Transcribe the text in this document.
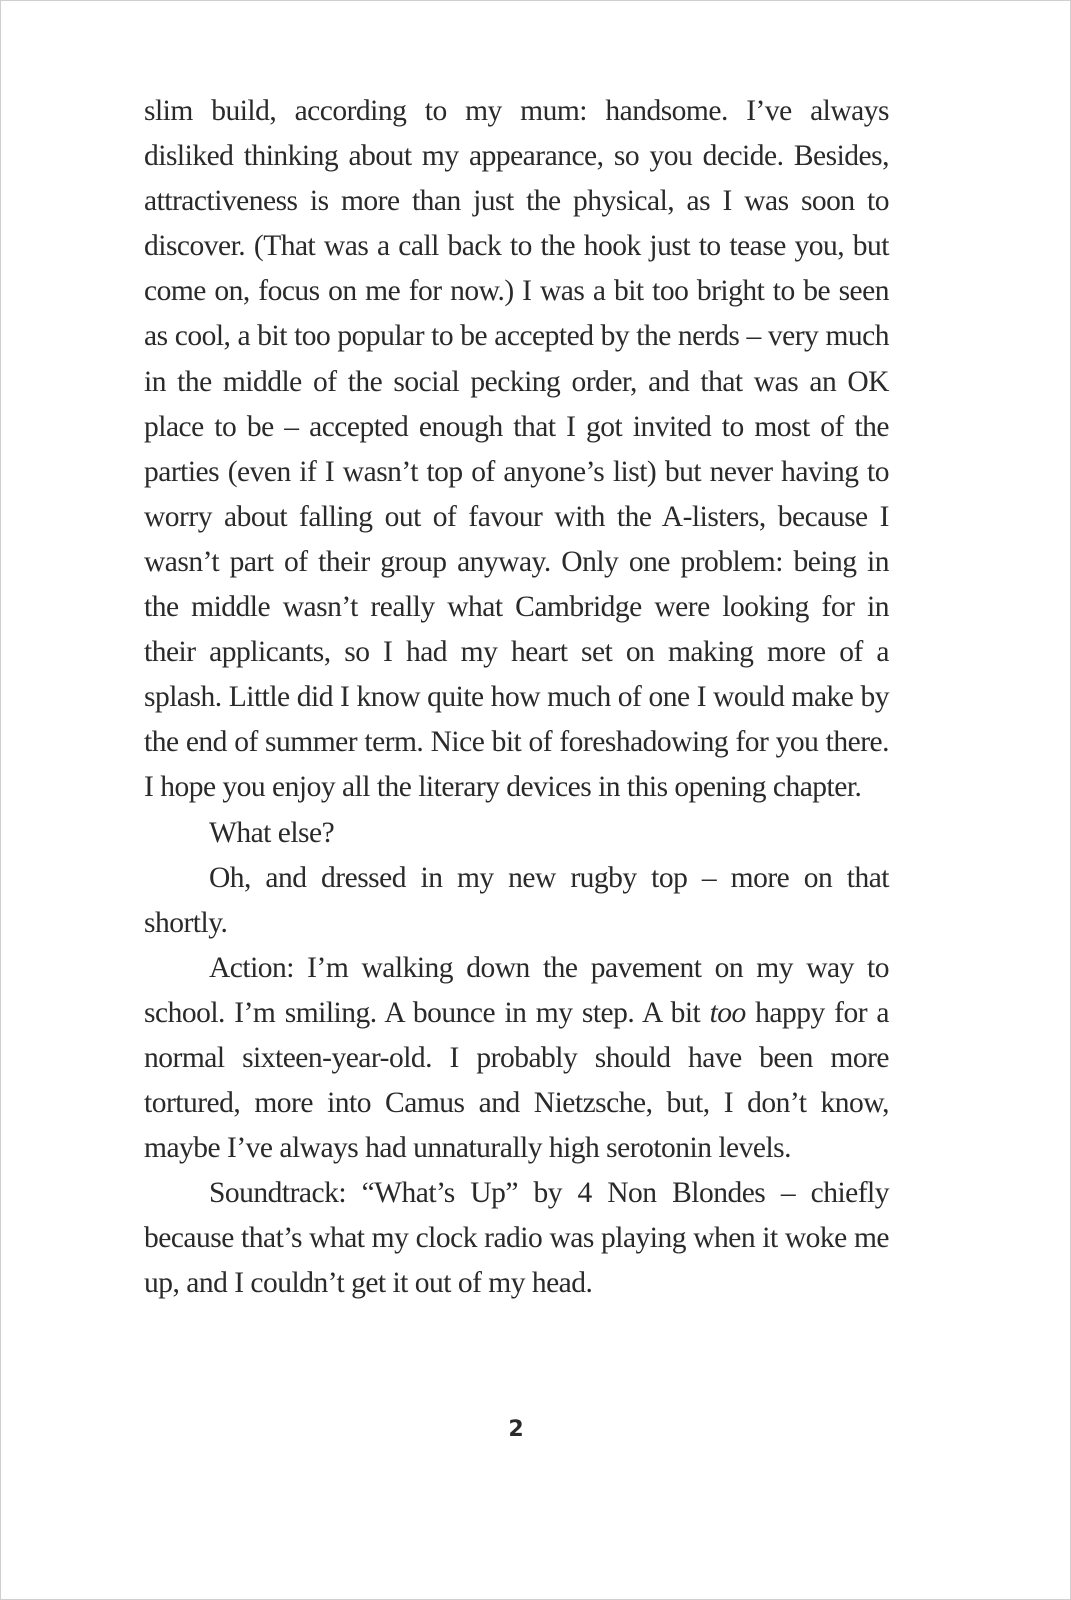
slim build, according to my mum: handsome. I’ve always disliked thinking about my appearance, so you decide. Besides, attractiveness is more than just the physical, as I was soon to discover. (That was a call back to the hook just to tease you, but come on, focus on me for now.) I was a bit too bright to be seen as cool, a bit too popular to be accepted by the nerds – very much in the middle of the social pecking order, and that was an OK place to be – accepted enough that I got invited to most of the parties (even if I wasn’t top of anyone’s list) but never having to worry about falling out of favour with the A-listers, because I wasn’t part of their group anyway. Only one problem: being in the middle wasn’t really what Cambridge were looking for in their applicants, so I had my heart set on making more of a splash. Little did I know quite how much of one I would make by the end of summer term. Nice bit of foreshadowing for you there. I hope you enjoy all the literary devices in this opening chapter.

What else?

Oh, and dressed in my new rugby top – more on that shortly.

Action: I’m walking down the pavement on my way to school. I’m smiling. A bounce in my step. A bit too happy for a normal sixteen-year-old. I probably should have been more tortured, more into Camus and Nietzsche, but, I don’t know, maybe I’ve always had unnaturally high serotonin levels.

Soundtrack: “What’s Up” by 4 Non Blondes – chiefly because that’s what my clock radio was playing when it woke me up, and I couldn’t get it out of my head.

2
